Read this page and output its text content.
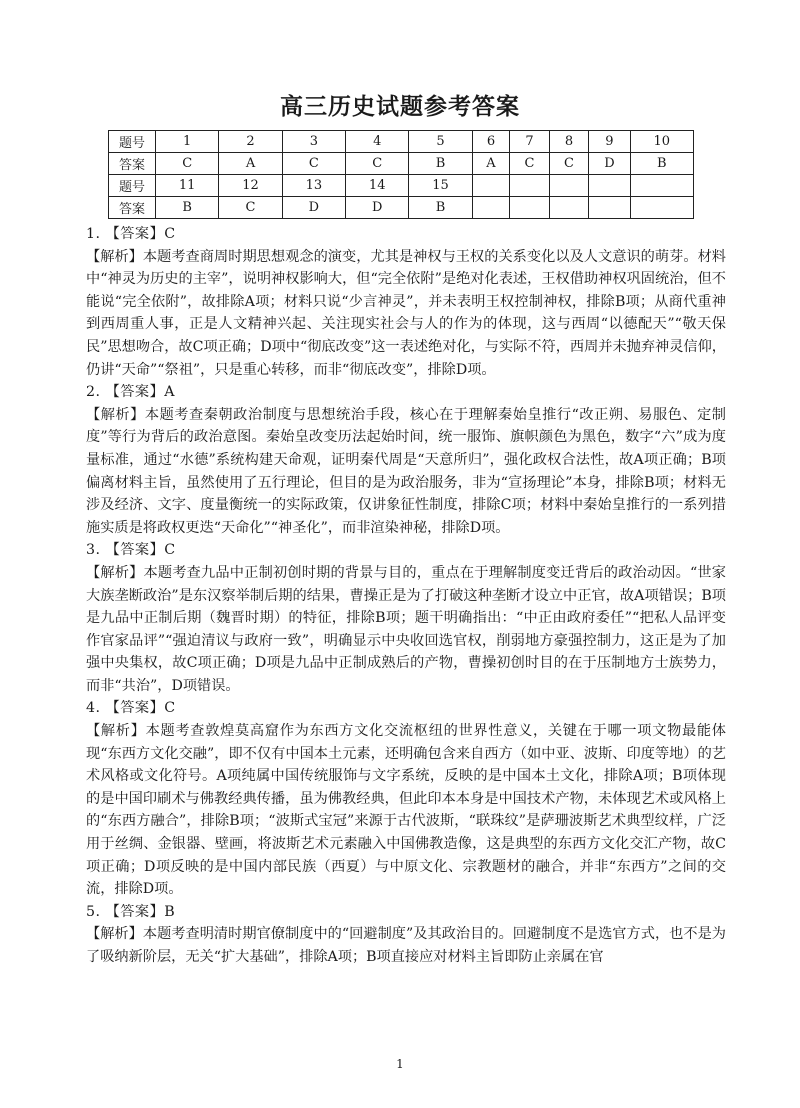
高三历史试题参考答案
题号	1	2	3	4	5	6	7	8	9	10
答案	C	A	C	C	B	A	C	C	D	B
题号	11	12	13	14	15					
答案	B	C	D	D	B					

1. 【答案】C

【解析】本题考查商周时期思想观念的演变，尤其是神权与王权的关系变化以及人文意识的萌芽。材料中“神灵为历史的主宰”，说明神权影响大，但“完全依附”是绝对化表述，王权借助神权巩固统治，但不能说“完全依附”，故排除A项；材料只说“少言神灵”，并未表明王权控制神权，排除B项；从商代重神到西周重人事，正是人文精神兴起、关注现实社会与人的作为的体现，这与西周“以德配天”“敬天保民”思想吻合，故C项正确；D项中“彻底改变”这一表述绝对化，与实际不符，西周并未抛弃神灵信仰，仍讲“天命”“祭祖”，只是重心转移，而非“彻底改变”，排除D项。

2. 【答案】A

【解析】本题考查秦朝政治制度与思想统治手段，核心在于理解秦始皇推行“改正朔、易服色、定制度”等行为背后的政治意图。秦始皇改变历法起始时间，统一服饰、旗帜颜色为黑色，数字“六”成为度量标准，通过“水德”系统构建天命观，证明秦代周是“天意所归”，强化政权合法性，故A项正确；B项偏离材料主旨，虽然使用了五行理论，但目的是为政治服务，非为“宣扬理论”本身，排除B项；材料无涉及经济、文字、度量衡统一的实际政策，仅讲象征性制度，排除C项；材料中秦始皇推行的一系列措施实质是将政权更迭“天命化”“神圣化”，而非渲染神秘，排除D项。

3. 【答案】C

【解析】本题考查九品中正制初创时期的背景与目的，重点在于理解制度变迁背后的政治动因。“世家大族垄断政治”是东汉察举制后期的结果，曹操正是为了打破这种垄断才设立中正官，故A项错误；B项是九品中正制后期（魏晋时期）的特征，排除B项；题干明确指出：“中正由政府委任”“把私人品评变作官家品评”“强迫清议与政府一致”，明确显示中央收回选官权，削弱地方豪强控制力，这正是为了加强中央集权，故C项正确；D项是九品中正制成熟后的产物，曹操初创时目的在于压制地方士族势力，而非“共治”，D项错误。

4. 【答案】C

【解析】本题考查敦煌莫高窟作为东西方文化交流枢纽的世界性意义，关键在于哪一项文物最能体现“东西方文化交融”，即不仅有中国本土元素，还明确包含来自西方（如中亚、波斯、印度等地）的艺术风格或文化符号。A项纯属中国传统服饰与文字系统，反映的是中国本土文化，排除A项；B项体现的是中国印刷术与佛教经典传播，虽为佛教经典，但此印本本身是中国技术产物，未体现艺术或风格上的“东西方融合”，排除B项；“波斯式宝冠”来源于古代波斯，“联珠纹”是萨珊波斯艺术典型纹样，广泛用于丝绸、金银器、壁画，将波斯艺术元素融入中国佛教造像，这是典型的东西方文化交汇产物，故C项正确；D项反映的是中国内部民族（西夏）与中原文化、宗教题材的融合，并非“东西方”之间的交流，排除D项。

5. 【答案】B

【解析】本题考查明清时期官僚制度中的“回避制度”及其政治目的。回避制度不是选官方式，也不是为了吸纳新阶层，无关“扩大基础”，排除A项；B项直接应对材料主旨即防止亲属在官

1
